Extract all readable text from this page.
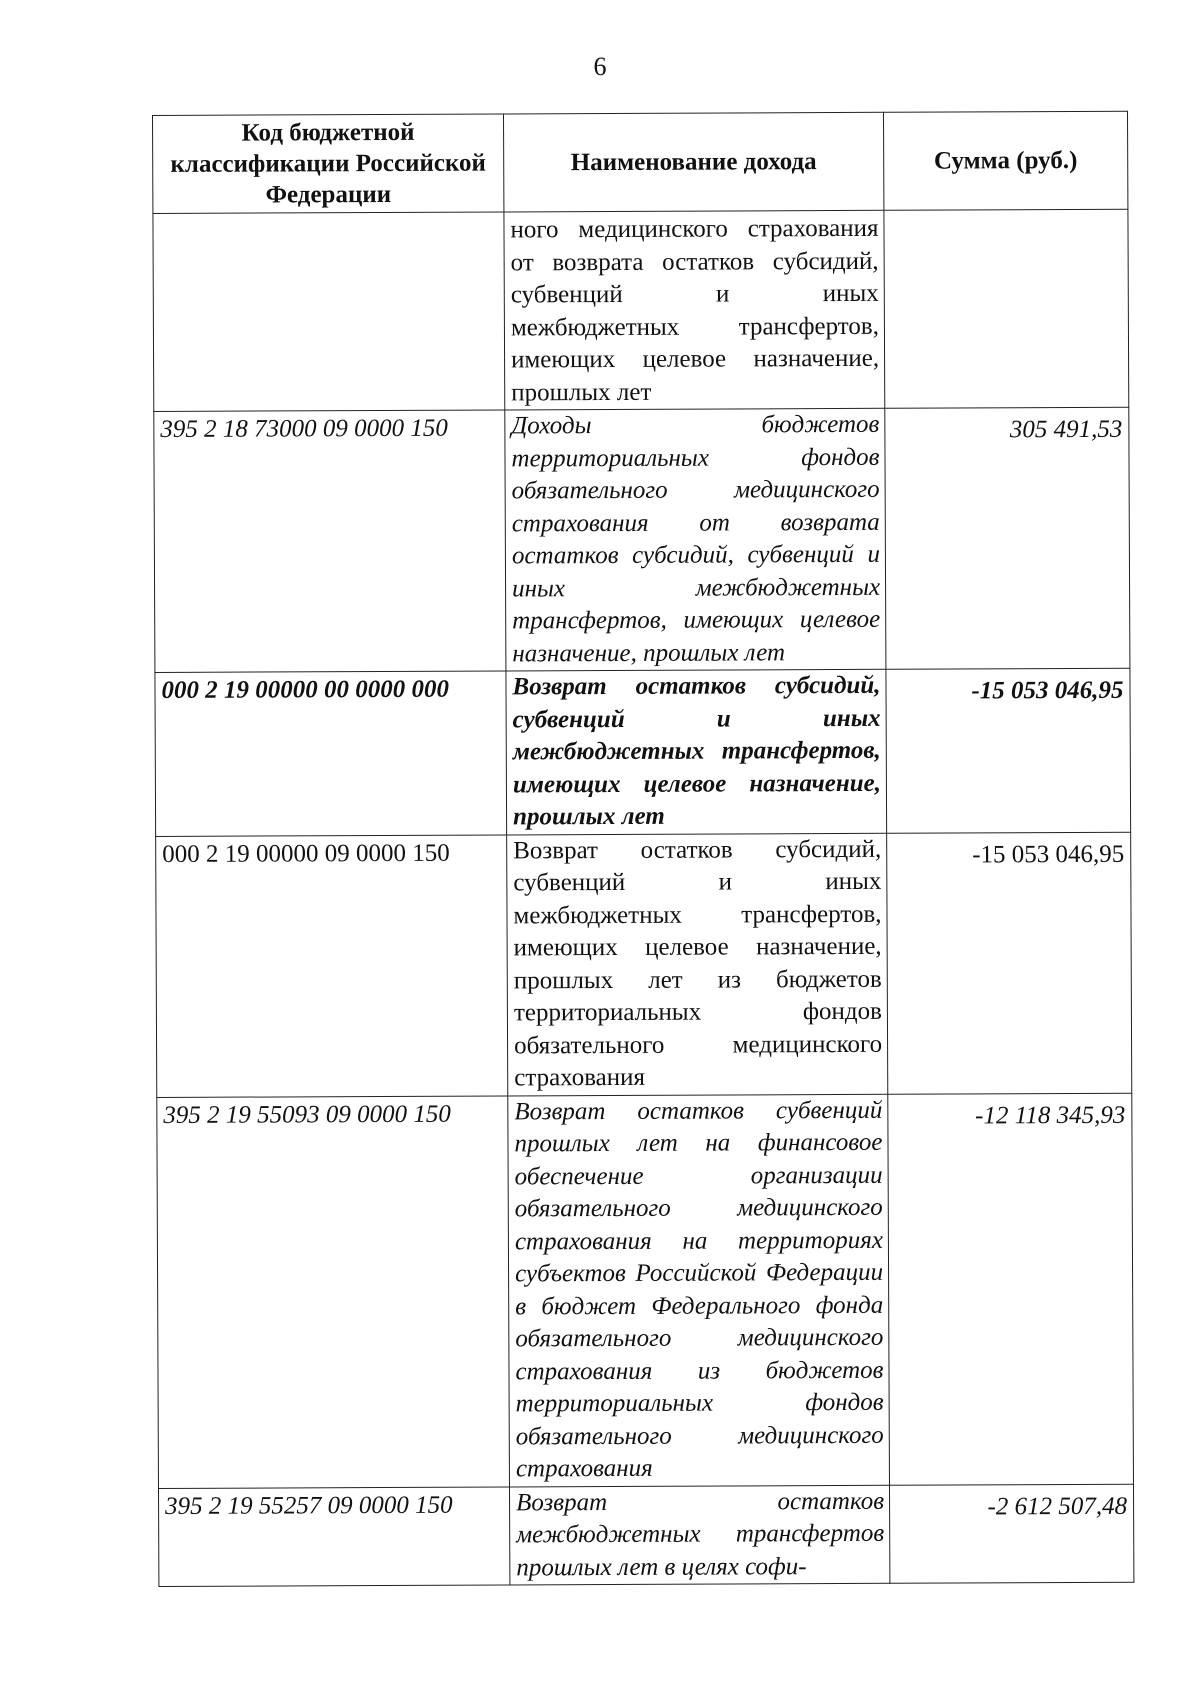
6
Код бюджетной классификации Российской Федерации	Наименование дохода	Сумма (руб.)
	ного медицинского страхования от возврата остатков субсидий, субвенций и иных межбюджетных трансфертов, имеющих целевое назначение, прошлых лет	
395 2 18 73000 09 0000 150	Доходы бюджетов территориальных фондов обязательного медицинского страхования от возврата остатков субсидий, субвенций и иных межбюджетных трансфертов, имеющих целевое назначение, прошлых лет	305 491,53
000 2 19 00000 00 0000 000	Возврат остатков субсидий, субвенций и иных межбюджетных трансфертов, имеющих целевое назначение, прошлых лет	-15 053 046,95
000 2 19 00000 09 0000 150	Возврат остатков субсидий, субвенций и иных межбюджетных трансфертов, имеющих целевое назначение, прошлых лет из бюджетов территориальных фондов обязательного медицинского страхования	-15 053 046,95
395 2 19 55093 09 0000 150	Возврат остатков субвенций прошлых лет на финансовое обеспечение организации обязательного медицинского страхования на территориях субъектов Российской Федерации в бюджет Федерального фонда обязательного медицинского страхования из бюджетов территориальных фондов обязательного медицинского страхования	-12 118 345,93
395 2 19 55257 09 0000 150	Возврат остатков межбюджетных трансфертов прошлых лет в целях софи-	-2 612 507,48
